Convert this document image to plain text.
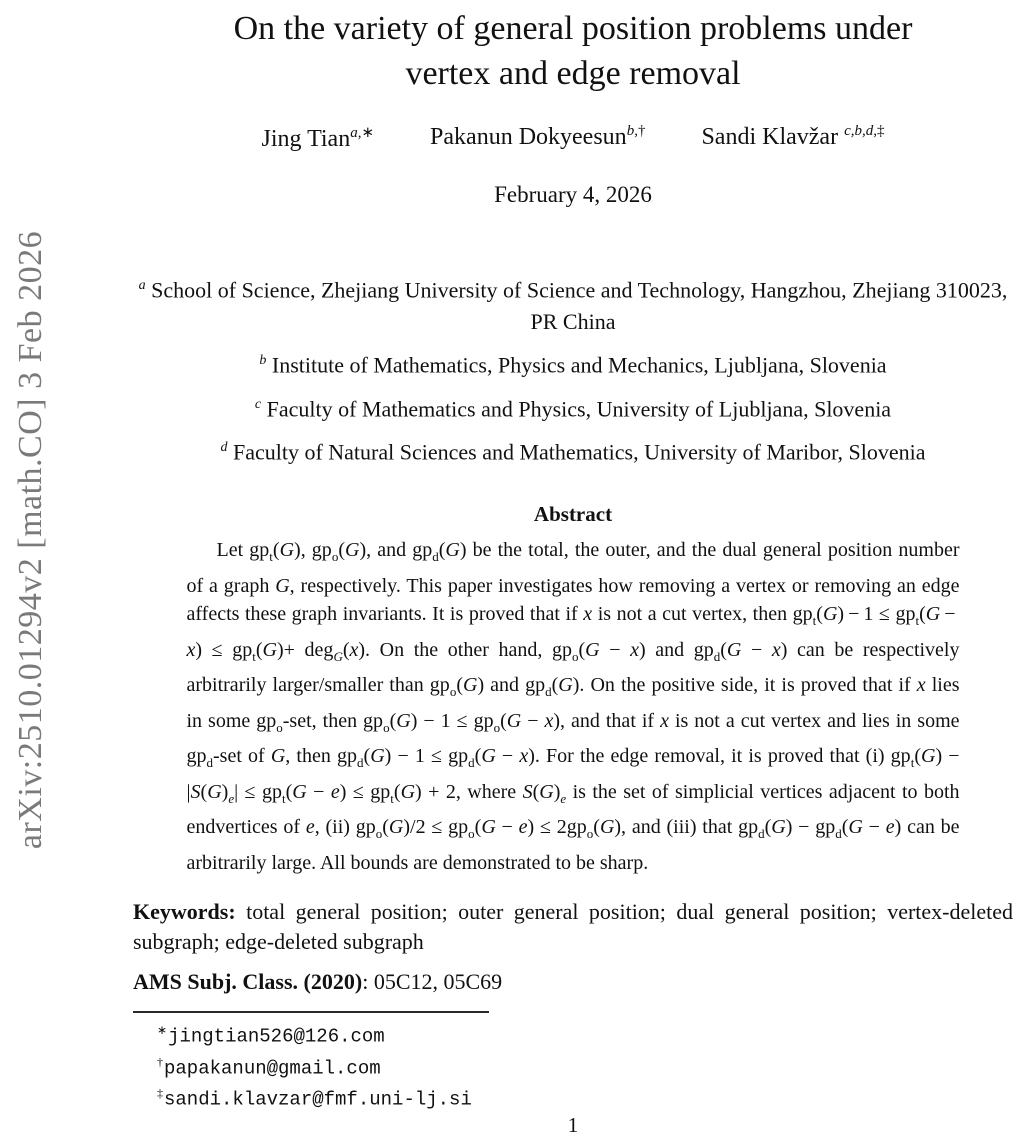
arXiv:2510.01294v2 [math.CO] 3 Feb 2026
On the variety of general position problems under
vertex and edge removal
Jing Tian$^{a,∗}$ Pakanun Dokyeesun$^{b,\dagger}$ Sandi Klavžar $^{c,b,d,\ddagger}$
February 4, 2026
$^a$ School of Science, Zhejiang University of Science and Technology, Hangzhou, Zhejiang 310023, PR China
$^b$ Institute of Mathematics, Physics and Mechanics, Ljubljana, Slovenia
$^c$ Faculty of Mathematics and Physics, University of Ljubljana, Slovenia
$^d$ Faculty of Natural Sciences and Mathematics, University of Maribor, Slovenia
Abstract

Let $gp_t(G)$, $gp_o(G)$, and $gp_d(G)$ be the total, the outer, and the dual general position number of a graph G, respectively. This paper investigates how removing a vertex or removing an edge affects these graph invariants. It is proved that if x is not a cut vertex, then $gp_t(G) - 1 \le gp_t(G - x) \le gp_t(G)+ deg_G(x)$. On the other hand, $gp_o(G - x)$ and $gp_d(G - x)$ can be respectively arbitrarily larger/smaller than $gp_o(G)$ and $gp_d(G)$. On the positive side, it is proved that if x lies in some $gp_o$-set, then $gp_o(G) - 1 \le gp_o(G - x)$, and that if x is not a cut vertex and lies in some $gp_d$-set of G, then $gp_d(G) - 1 \le gp_d(G - x)$. For the edge removal, it is proved that (i) $gp_t(G) - |S(G)_e| \le gp_t(G - e) \le gp_t(G) + 2$, where $S(G)_e$ is the set of simplicial vertices adjacent to both endvertices of e, (ii) $gp_o(G)/2 \le gp_o(G - e) \le 2gp_o(G)$, and (iii) that $gp_d(G) - gp_d(G - e)$ can be arbitrarily large. All bounds are demonstrated to be sharp.

Keywords: total general position; outer general position; dual general position; vertex-deleted subgraph; edge-deleted subgraph

AMS Subj. Class. (2020): 05C12, 05C69

∗jingtian526@126.com
†papakanun@gmail.com
‡sandi.klavzar@fmf.uni-lj.si
1
